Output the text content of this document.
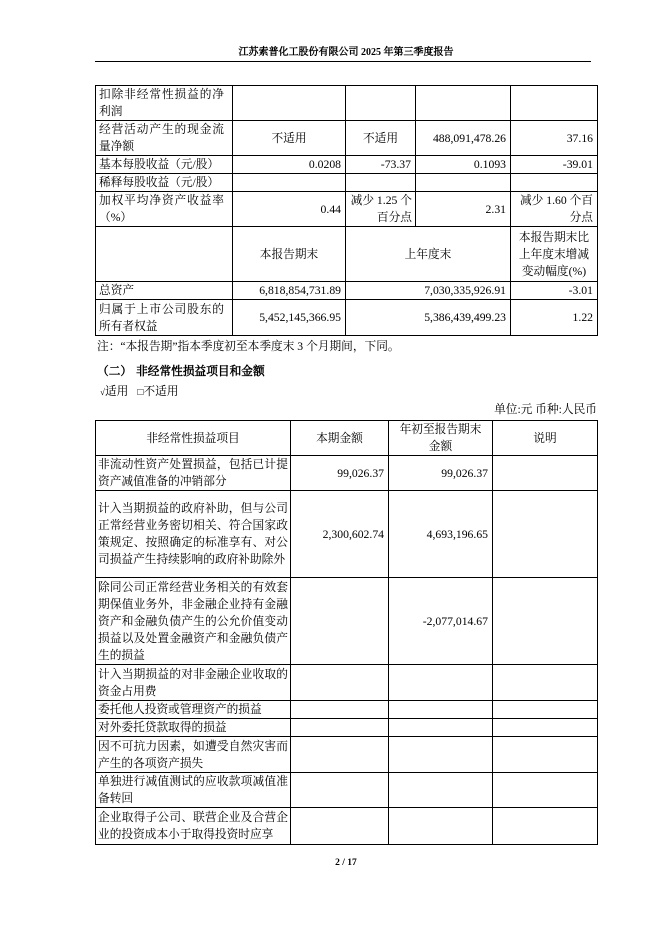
江苏索普化工股份有限公司 2025 年第三季度报告
扣除非经常性损益的净利润				
经营活动产生的现金流量净额	不适用	不适用	488,091,478.26	37.16
基本每股收益（元/股）	0.0208	-73.37	0.1093	-39.01
稀释每股收益（元/股）				
加权平均净资产收益率（%）	0.44	减少 1.25 个百分点	2.31	减少 1.60 个百分点
	本报告期末	上年度末		本报告期末比上年度末增减变动幅度(%)
总资产	6,818,854,731.89	7,030,335,926.91		-3.01
归属于上市公司股东的所有者权益	5,452,145,366.95	5,386,439,499.23		1.22
注：“本报告期”指本季度初至本季度末 3 个月期间，下同。
（二） 非经常性损益项目和金额
√适用 □不适用
单位:元 币种:人民币
非经常性损益项目	本期金额	年初至报告期末金额	说明
非流动性资产处置损益，包括已计提资产减值准备的冲销部分	99,026.37	99,026.37	
计入当期损益的政府补助，但与公司正常经营业务密切相关、符合国家政策规定、按照确定的标准享有、对公司损益产生持续影响的政府补助除外	2,300,602.74	4,693,196.65	
除同公司正常经营业务相关的有效套期保值业务外，非金融企业持有金融资产和金融负债产生的公允价值变动损益以及处置金融资产和金融负债产生的损益		-2,077,014.67	
计入当期损益的对非金融企业收取的资金占用费			
委托他人投资或管理资产的损益			
对外委托贷款取得的损益			
因不可抗力因素，如遭受自然灾害而产生的各项资产损失			
单独进行减值测试的应收款项减值准备转回			
企业取得子公司、联营企业及合营企业的投资成本小于取得投资时应享			
2 / 17
